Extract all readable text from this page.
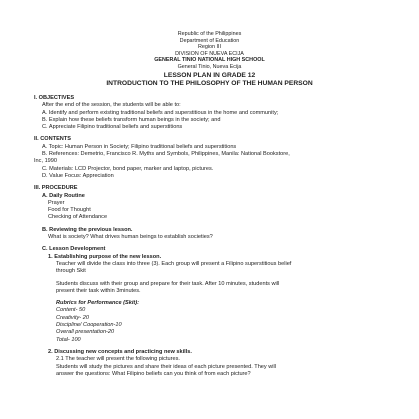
Republic of the Philippines
Department of Education
Region III
DIVISION OF NUEVA ECIJA
GENERAL TINIO NATIONAL HIGH SCHOOL
General Tinio, Nueva Ecija
LESSON PLAN IN GRADE 12
INTRODUCTION TO THE PHILOSOPHY OF THE HUMAN PERSON
I. OBJECTIVES
After the end of the session, the students will be able to:
A. Identify and perform existing traditional beliefs and superstitious in the home and community;
B. Explain how these beliefs transform human beings in the society; and
C. Appreciate Filipino traditional beliefs and superstitions
II. CONTENTS
A. Topic: Human Person in Society; Filipino traditional beliefs and superstitions
B. References: Demetrio, Francisco R. Myths and Symbols, Philippines, Manila: National Bookstore,
Inc, 1990
C. Materials: LCD Projector, bond paper, marker and laptop, pictures.
D. Value Focus: Appreciation
III. PROCEDURE
A. Daily Routine
Prayer
Food for Thought
Checking of Attendance
B. Reviewing the previous lesson.
What is society? What drives human beings to establish societies?
C. Lesson Development
1. Establishing purpose of the new lesson.
Teacher will divide the class into three (3). Each group will present a Filipino superstitious belief
through Skit
Students discuss with their group and prepare for their task. After 10 minutes, students will
present their task within 3minutes.
Rubrics for Performance (Skit):
Content- 50
Creativity- 20
Discipline/ Cooperation-10
Overall presentation-20
Total- 100
2. Discussing new concepts and practicing new skills.
2.1 The teacher will present the following pictures.
Students will study the pictures and share their ideas of each picture presented. They will
answer the questions: What Filipino beliefs can you think of from each picture?
